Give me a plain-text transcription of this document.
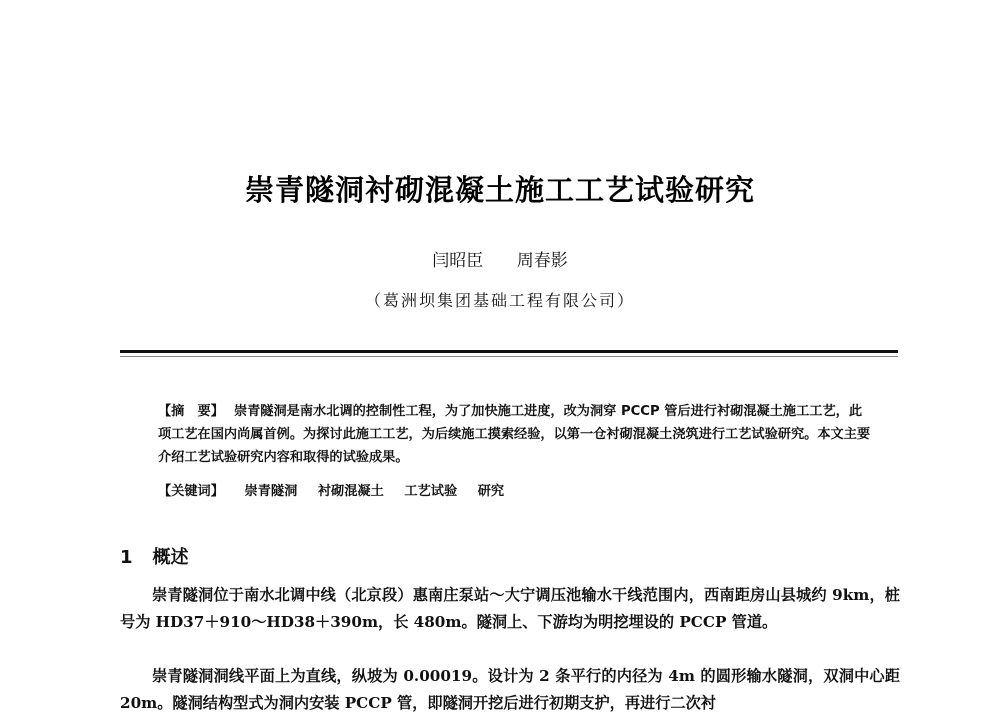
崇青隧洞衬砌混凝土施工工艺试验研究
闫昭臣 周春影
（葛洲坝集团基础工程有限公司）
【摘　要】 崇青隧洞是南水北调的控制性工程，为了加快施工进度，改为洞穿 PCCP 管后进行衬砌混凝土施工工艺，此项工艺在国内尚属首例。为探讨此施工工艺，为后续施工摸索经验，以第一仓衬砌混凝土浇筑进行工艺试验研究。本文主要介绍工艺试验研究内容和取得的试验成果。
【关键词】 崇青隧洞 衬砌混凝土 工艺试验 研究
1 概述
崇青隧洞位于南水北调中线（北京段）惠南庄泵站～大宁调压池输水干线范围内，西南距房山县城约 9km，桩号为 HD37＋910～HD38＋390m，长 480m。隧洞上、下游均为明挖埋设的 PCCP 管道。
崇青隧洞洞线平面上为直线，纵坡为 0.00019。设计为 2 条平行的内径为 4m 的圆形输水隧洞，双洞中心距 20m。隧洞结构型式为洞内安装 PCCP 管，即隧洞开挖后进行初期支护，再进行二次衬
